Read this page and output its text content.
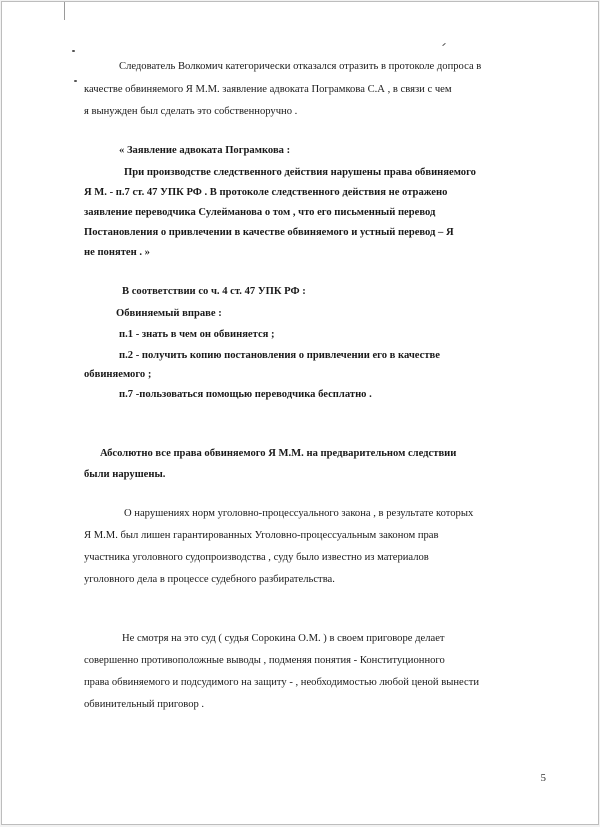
Следователь Волкомич категорически отказался отразить в протоколе допроса в
качестве обвиняемого Я М.М. заявление адвоката Пограмкова С.А , в связи с чем
я вынужден был сделать это собственноручно .
« Заявление адвоката Пограмкова :
При производстве следственного действия нарушены права обвиняемого
Я М. - п.7 ст. 47 УПК РФ . В протоколе следственного действия не отражено
заявление переводчика Сулейманова о том , что его письменный перевод
Постановления о привлечении в качестве обвиняемого и устный перевод – Я
не понятен . »
В соответствии со ч. 4 ст. 47 УПК РФ :
Обвиняемый вправе :
п.1 - знать в чем он обвиняется ;
п.2 - получить копию постановления о привлечении его в качестве
обвиняемого ;
п.7 -пользоваться помощью переводчика бесплатно .
Абсолютно все права обвиняемого Я М.М. на предварительном следствии
были нарушены.
О нарушениях норм уголовно-процессуального закона , в результате которых
Я М.М. был лишен гарантированных Уголовно-процессуальным законом прав
участника уголовного судопроизводства , суду было известно из материалов
уголовного дела в процессе судебного разбирательства.
Не смотря на это суд ( судья Сорокина О.М. ) в своем приговоре делает
совершенно противоположные выводы , подменяя понятия - Конституционного
права обвиняемого и подсудимого на защиту - , необходимостью любой ценой вынести
обвинительный приговор .
5
